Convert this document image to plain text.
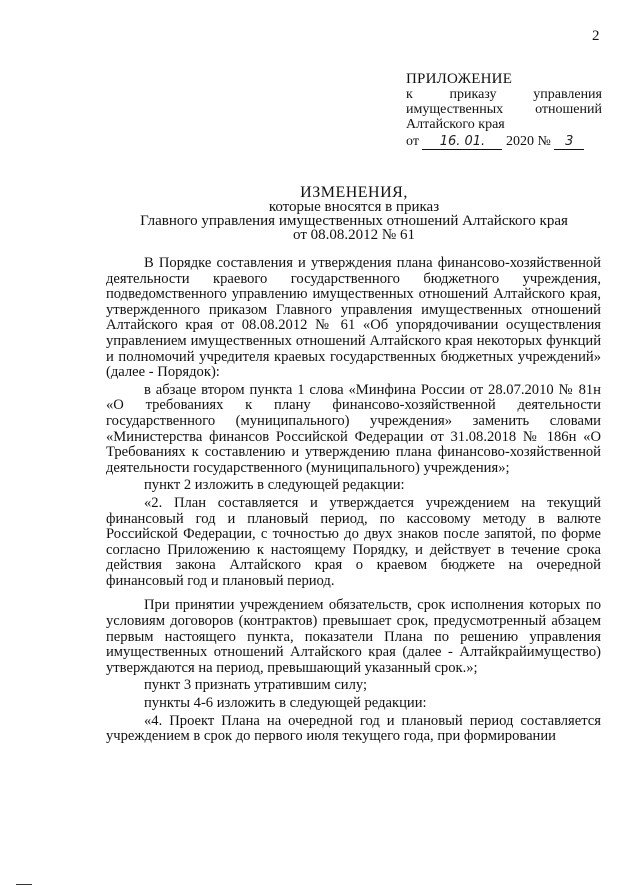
2
ПРИЛОЖЕНИЕ
к приказу управления
имущественных отношений
Алтайского края
от 16. 01. 2020 № 3
ИЗМЕНЕНИЯ,
которые вносятся в приказ
Главного управления имущественных отношений Алтайского края
от 08.08.2012 № 61

В Порядке составления и утверждения плана финансово-хозяйственной деятельности краевого государственного бюджетного учреждения, подведомственного управлению имущественных отношений Алтайского края, утвержденного приказом Главного управления имущественных отношений Алтайского края от 08.08.2012 № 61 «Об упорядочивании осуществления управлением имущественных отношений Алтайского края некоторых функций и полномочий учредителя краевых государственных бюджетных учреждений» (далее - Порядок):

в абзаце втором пункта 1 слова «Минфина России от 28.07.2010 № 81н «О требованиях к плану финансово-хозяйственной деятельности государственного (муниципального) учреждения» заменить словами «Министерства финансов Российской Федерации от 31.08.2018 № 186н «О Требованиях к составлению и утверждению плана финансово-хозяйственной деятельности государственного (муниципального) учреждения»;

пункт 2 изложить в следующей редакции:

«2. План составляется и утверждается учреждением на текущий финансовый год и плановый период, по кассовому методу в валюте Российской Федерации, с точностью до двух знаков после запятой, по форме согласно Приложению к настоящему Порядку, и действует в течение срока действия закона Алтайского края о краевом бюджете на очередной финансовый год и плановый период.

При принятии учреждением обязательств, срок исполнения которых по условиям договоров (контрактов) превышает срок, предусмотренный абзацем первым настоящего пункта, показатели Плана по решению управления имущественных отношений Алтайского края (далее - Алтайкрайимущество) утверждаются на период, превышающий указанный срок.»;

пункт 3 признать утратившим силу;

пункты 4-6 изложить в следующей редакции:

«4. Проект Плана на очередной год и плановый период составляется учреждением в срок до первого июля текущего года, при формировании
